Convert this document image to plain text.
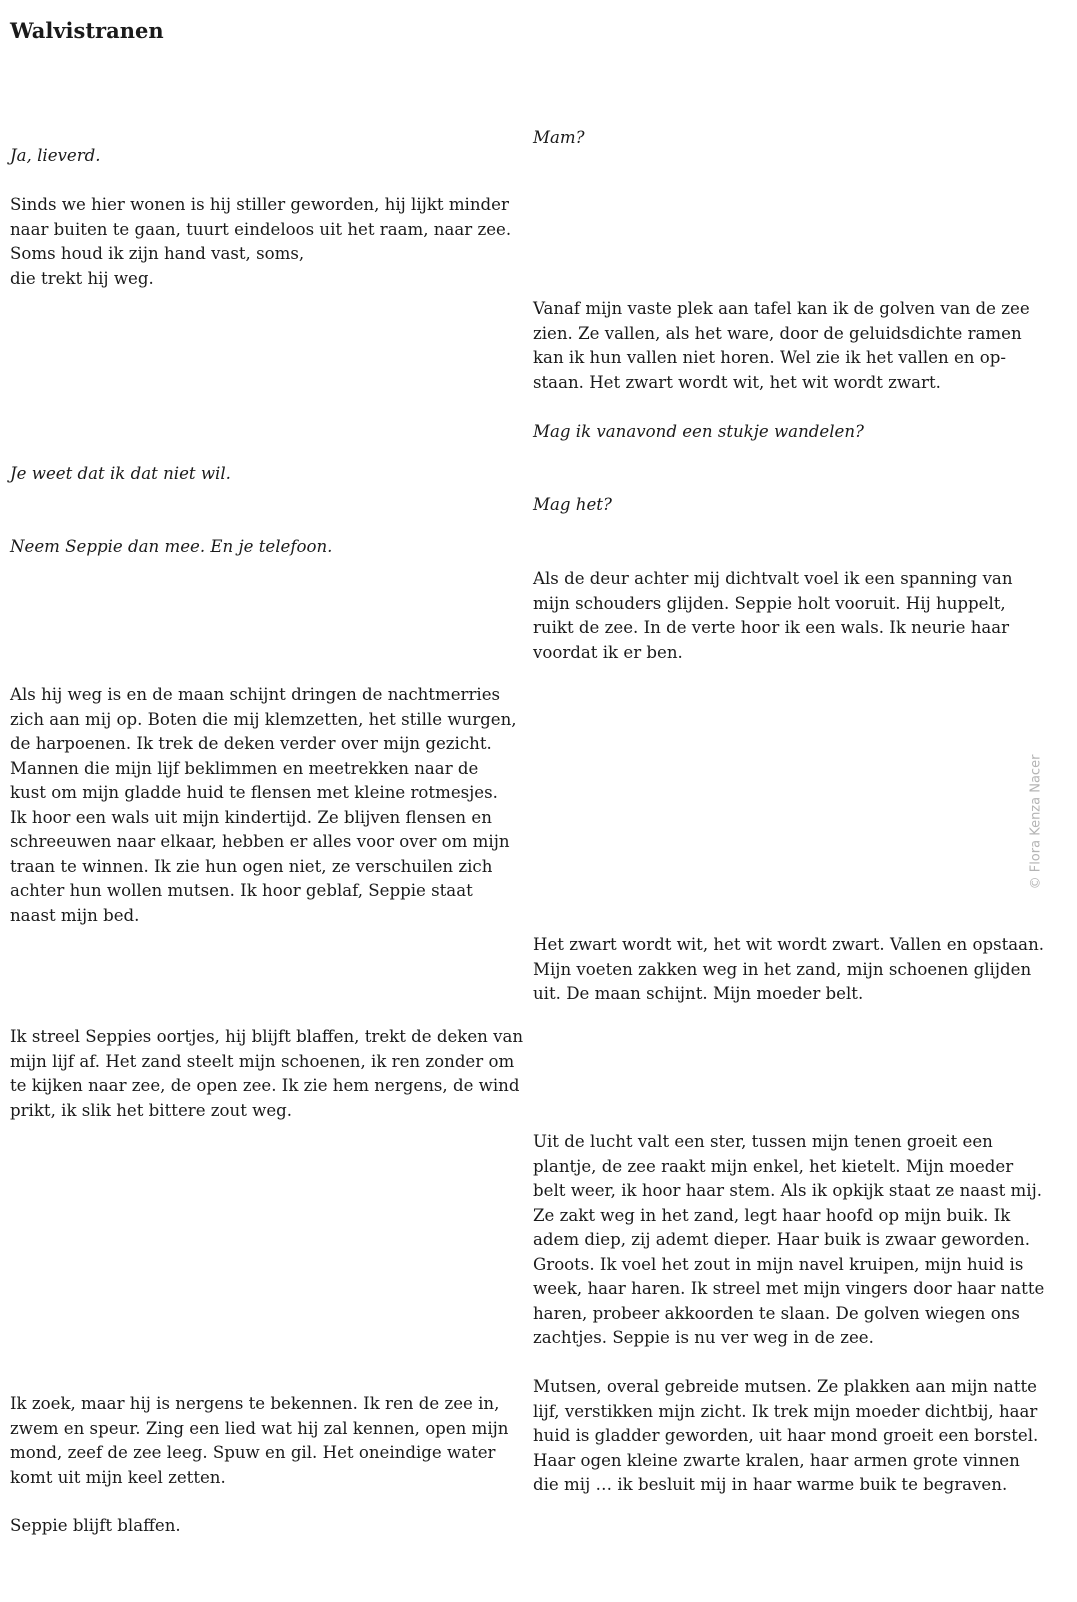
Walvistranen

Mam?

Ja, lieverd.

Sinds we hier wonen is hij stiller geworden, hij lijkt minder
naar buiten te gaan, tuurt eindeloos uit het raam, naar zee.
Soms houd ik zijn hand vast, soms,
die trekt hij weg.

Vanaf mijn vaste plek aan tafel kan ik de golven van de zee
zien. Ze vallen, als het ware, door de geluidsdichte ramen
kan ik hun vallen niet horen. Wel zie ik het vallen en op-
staan. Het zwart wordt wit, het wit wordt zwart.

Mag ik vanavond een stukje wandelen?

Je weet dat ik dat niet wil.

Mag het?

Neem Seppie dan mee. En je telefoon.

Als de deur achter mij dichtvalt voel ik een spanning van
mijn schouders glijden. Seppie holt vooruit. Hij huppelt,
ruikt de zee. In de verte hoor ik een wals. Ik neurie haar
voordat ik er ben.

Als hij weg is en de maan schijnt dringen de nachtmerries
zich aan mij op. Boten die mij klemzetten, het stille wurgen,
de harpoenen. Ik trek de deken verder over mijn gezicht.
Mannen die mijn lijf beklimmen en meetrekken naar de
kust om mijn gladde huid te flensen met kleine rotmesjes.
Ik hoor een wals uit mijn kindertijd. Ze blijven flensen en
schreeuwen naar elkaar, hebben er alles voor over om mijn
traan te winnen. Ik zie hun ogen niet, ze verschuilen zich
achter hun wollen mutsen. Ik hoor geblaf, Seppie staat
naast mijn bed.

Het zwart wordt wit, het wit wordt zwart. Vallen en opstaan.
Mijn voeten zakken weg in het zand, mijn schoenen glijden
uit. De maan schijnt. Mijn moeder belt.

Ik streel Seppies oortjes, hij blijft blaffen, trekt de deken van
mijn lijf af. Het zand steelt mijn schoenen, ik ren zonder om
te kijken naar zee, de open zee. Ik zie hem nergens, de wind
prikt, ik slik het bittere zout weg.

Uit de lucht valt een ster, tussen mijn tenen groeit een
plantje, de zee raakt mijn enkel, het kietelt. Mijn moeder
belt weer, ik hoor haar stem. Als ik opkijk staat ze naast mij.
Ze zakt weg in het zand, legt haar hoofd op mijn buik. Ik
adem diep, zij ademt dieper. Haar buik is zwaar geworden.
Groots. Ik voel het zout in mijn navel kruipen, mijn huid is
week, haar haren. Ik streel met mijn vingers door haar natte
haren, probeer akkoorden te slaan. De golven wiegen ons
zachtjes. Seppie is nu ver weg in de zee.

Mutsen, overal gebreide mutsen. Ze plakken aan mijn natte
lijf, verstikken mijn zicht. Ik trek mijn moeder dichtbij, haar
huid is gladder geworden, uit haar mond groeit een borstel.
Haar ogen kleine zwarte kralen, haar armen grote vinnen
die mij … ik besluit mij in haar warme buik te begraven.

Ik zoek, maar hij is nergens te bekennen. Ik ren de zee in,
zwem en speur. Zing een lied wat hij zal kennen, open mijn
mond, zeef de zee leeg. Spuw en gil. Het oneindige water
komt uit mijn keel zetten.

Seppie blijft blaffen.

© Flora Kenza Nacer
